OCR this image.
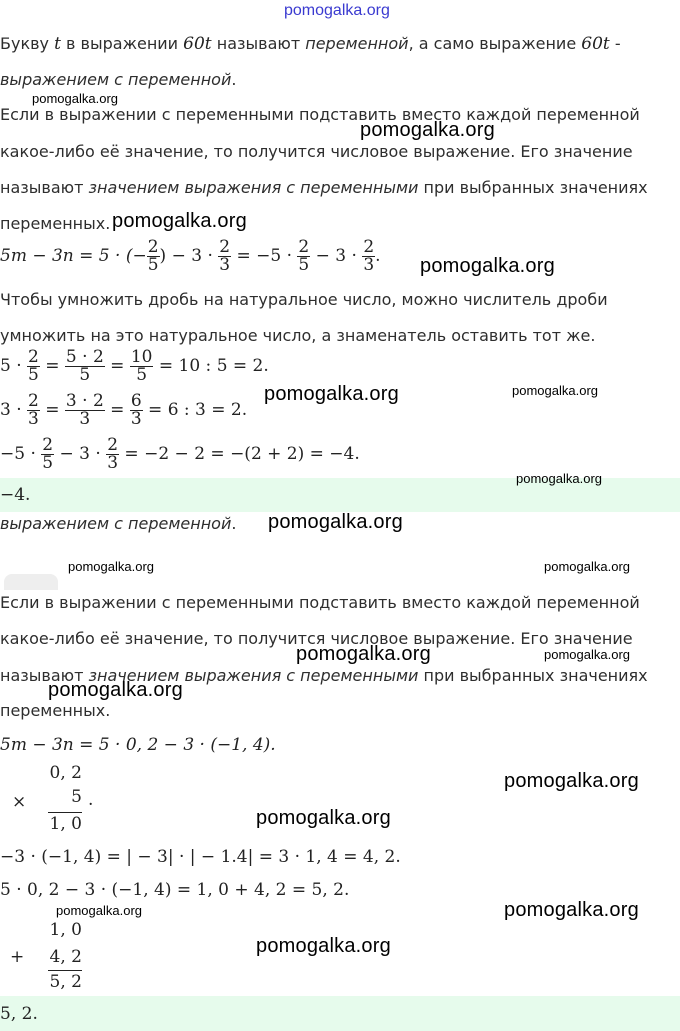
pomogalka.org
Букву t в выражении 60t называют переменной, а само выражение 60t -
выражением с переменной.
Если в выражении с переменными подставить вместо каждой переменной
какое-либо её значение, то получится числовое выражение. Его значение
называют значением выражения с переменными при выбранных значениях
переменных.
5m − 3n = 5 · (− $\frac{2}{5}$ ) − $3 \cdot \frac{2}{3} = -5 \cdot \frac{2}{5} - 3 \cdot \frac{2}{3}$ .
Чтобы умножить дробь на натуральное число, можно числитель дроби
умножить на это натуральное число, а знаменатель оставить тот же.
$5 \cdot \frac{2}{5} = \frac{5 \cdot 2}{5} = \frac{10}{5} = 10$ : 5 = 2.
$3 \cdot \frac{2}{3} = \frac{3 \cdot 2}{3} = \frac{6}{3} = 6$ : 3 = 2.
$-5 \cdot \frac{2}{5} - 3 \cdot \frac{2}{3} = -2 - 2 = -(2 + 2) = -4$.
−4.
выражением с переменной.
Если в выражении с переменными подставить вместо каждой переменной
какое-либо её значение, то получится числовое выражение. Его значение
называют значением выражения с переменными при выбранных значениях
переменных.
5m − 3n = 5 · 0, 2 − 3 · (−1, 4).
×
0, 2
5 .
1, 0
−3 · (−1, 4) = | − 3| · | − 1.4| = 3 · 1, 4 = 4, 2.
5 · 0, 2 − 3 · (−1, 4) = 1, 0 + 4, 2 = 5, 2.
+
1, 0
4, 2
5, 2
5, 2.
pomogalka.org
pomogalka.org
pomogalka.org
pomogalka.org
pomogalka.org	pomogalka.org
pomogalka.org
pomogalka.org
pomogalka.org	pomogalka.org
pomogalka.org	pomogalka.org
pomogalka.org
pomogalka.org
pomogalka.org
pomogalka.org	pomogalka.org
pomogalka.org
